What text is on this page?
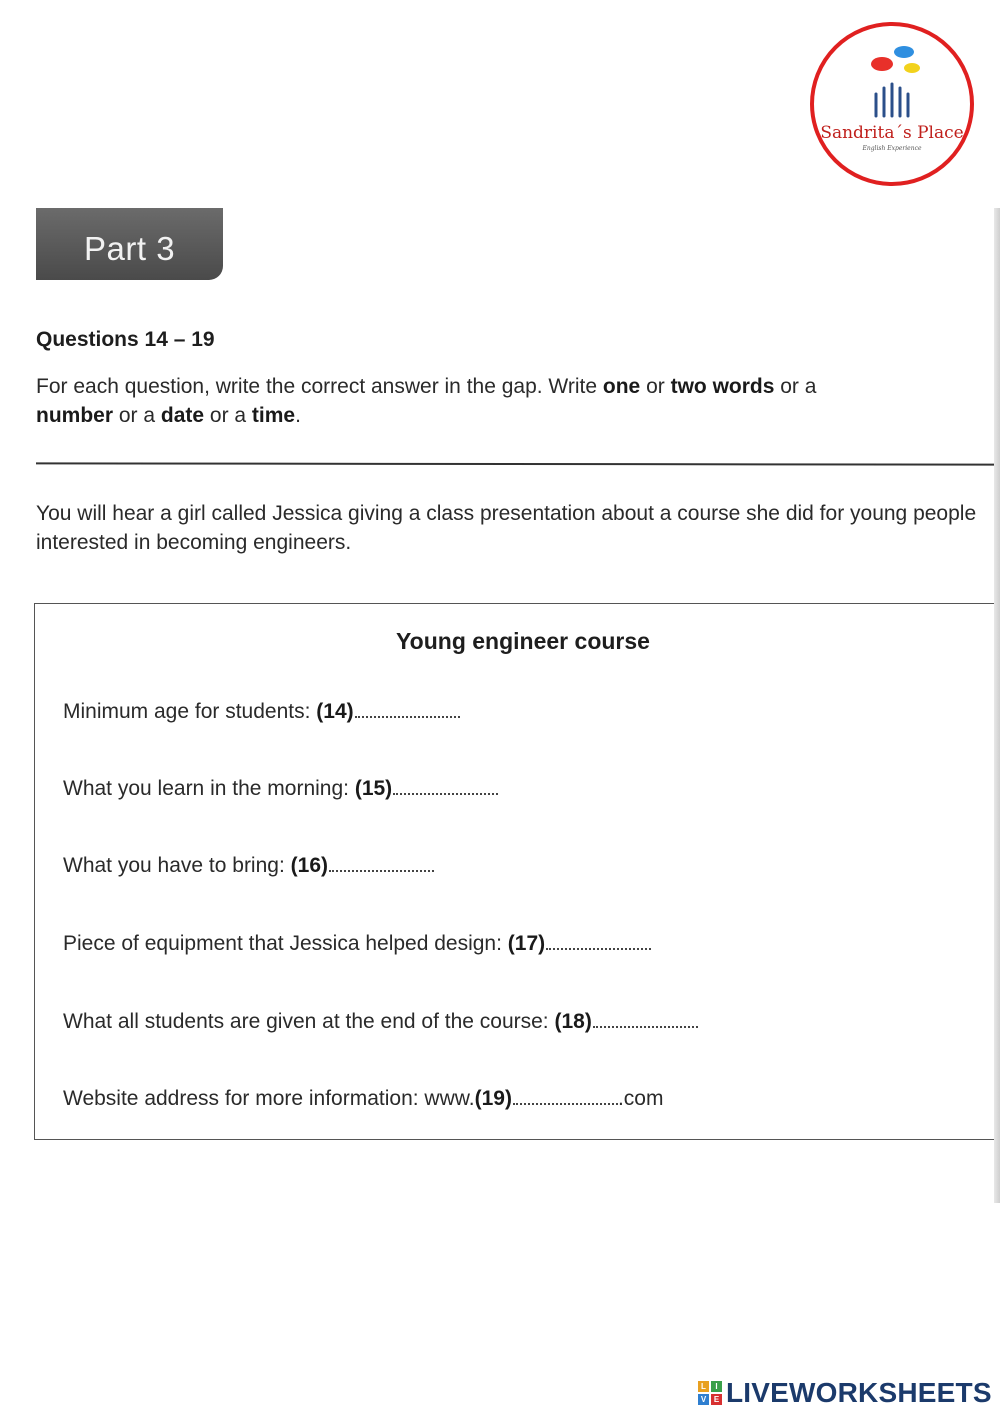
Sandrita´s Place
English Experience
Part 3
Questions 14 – 19
For each question, write the correct answer in the gap. Write one or two words or a
number or a date or a time.
You will hear a girl called Jessica giving a class presentation about a course she did for young people interested in becoming engineers.
Young engineer course
Minimum age for students: (14)
What you learn in the morning: (15)
What you have to bring: (16)
Piece of equipment that Jessica helped design: (17)
What all students are given at the end of the course: (18)
Website address for more information: www.(19)	.com
L	I
V E LIVEWORKSHEETS
